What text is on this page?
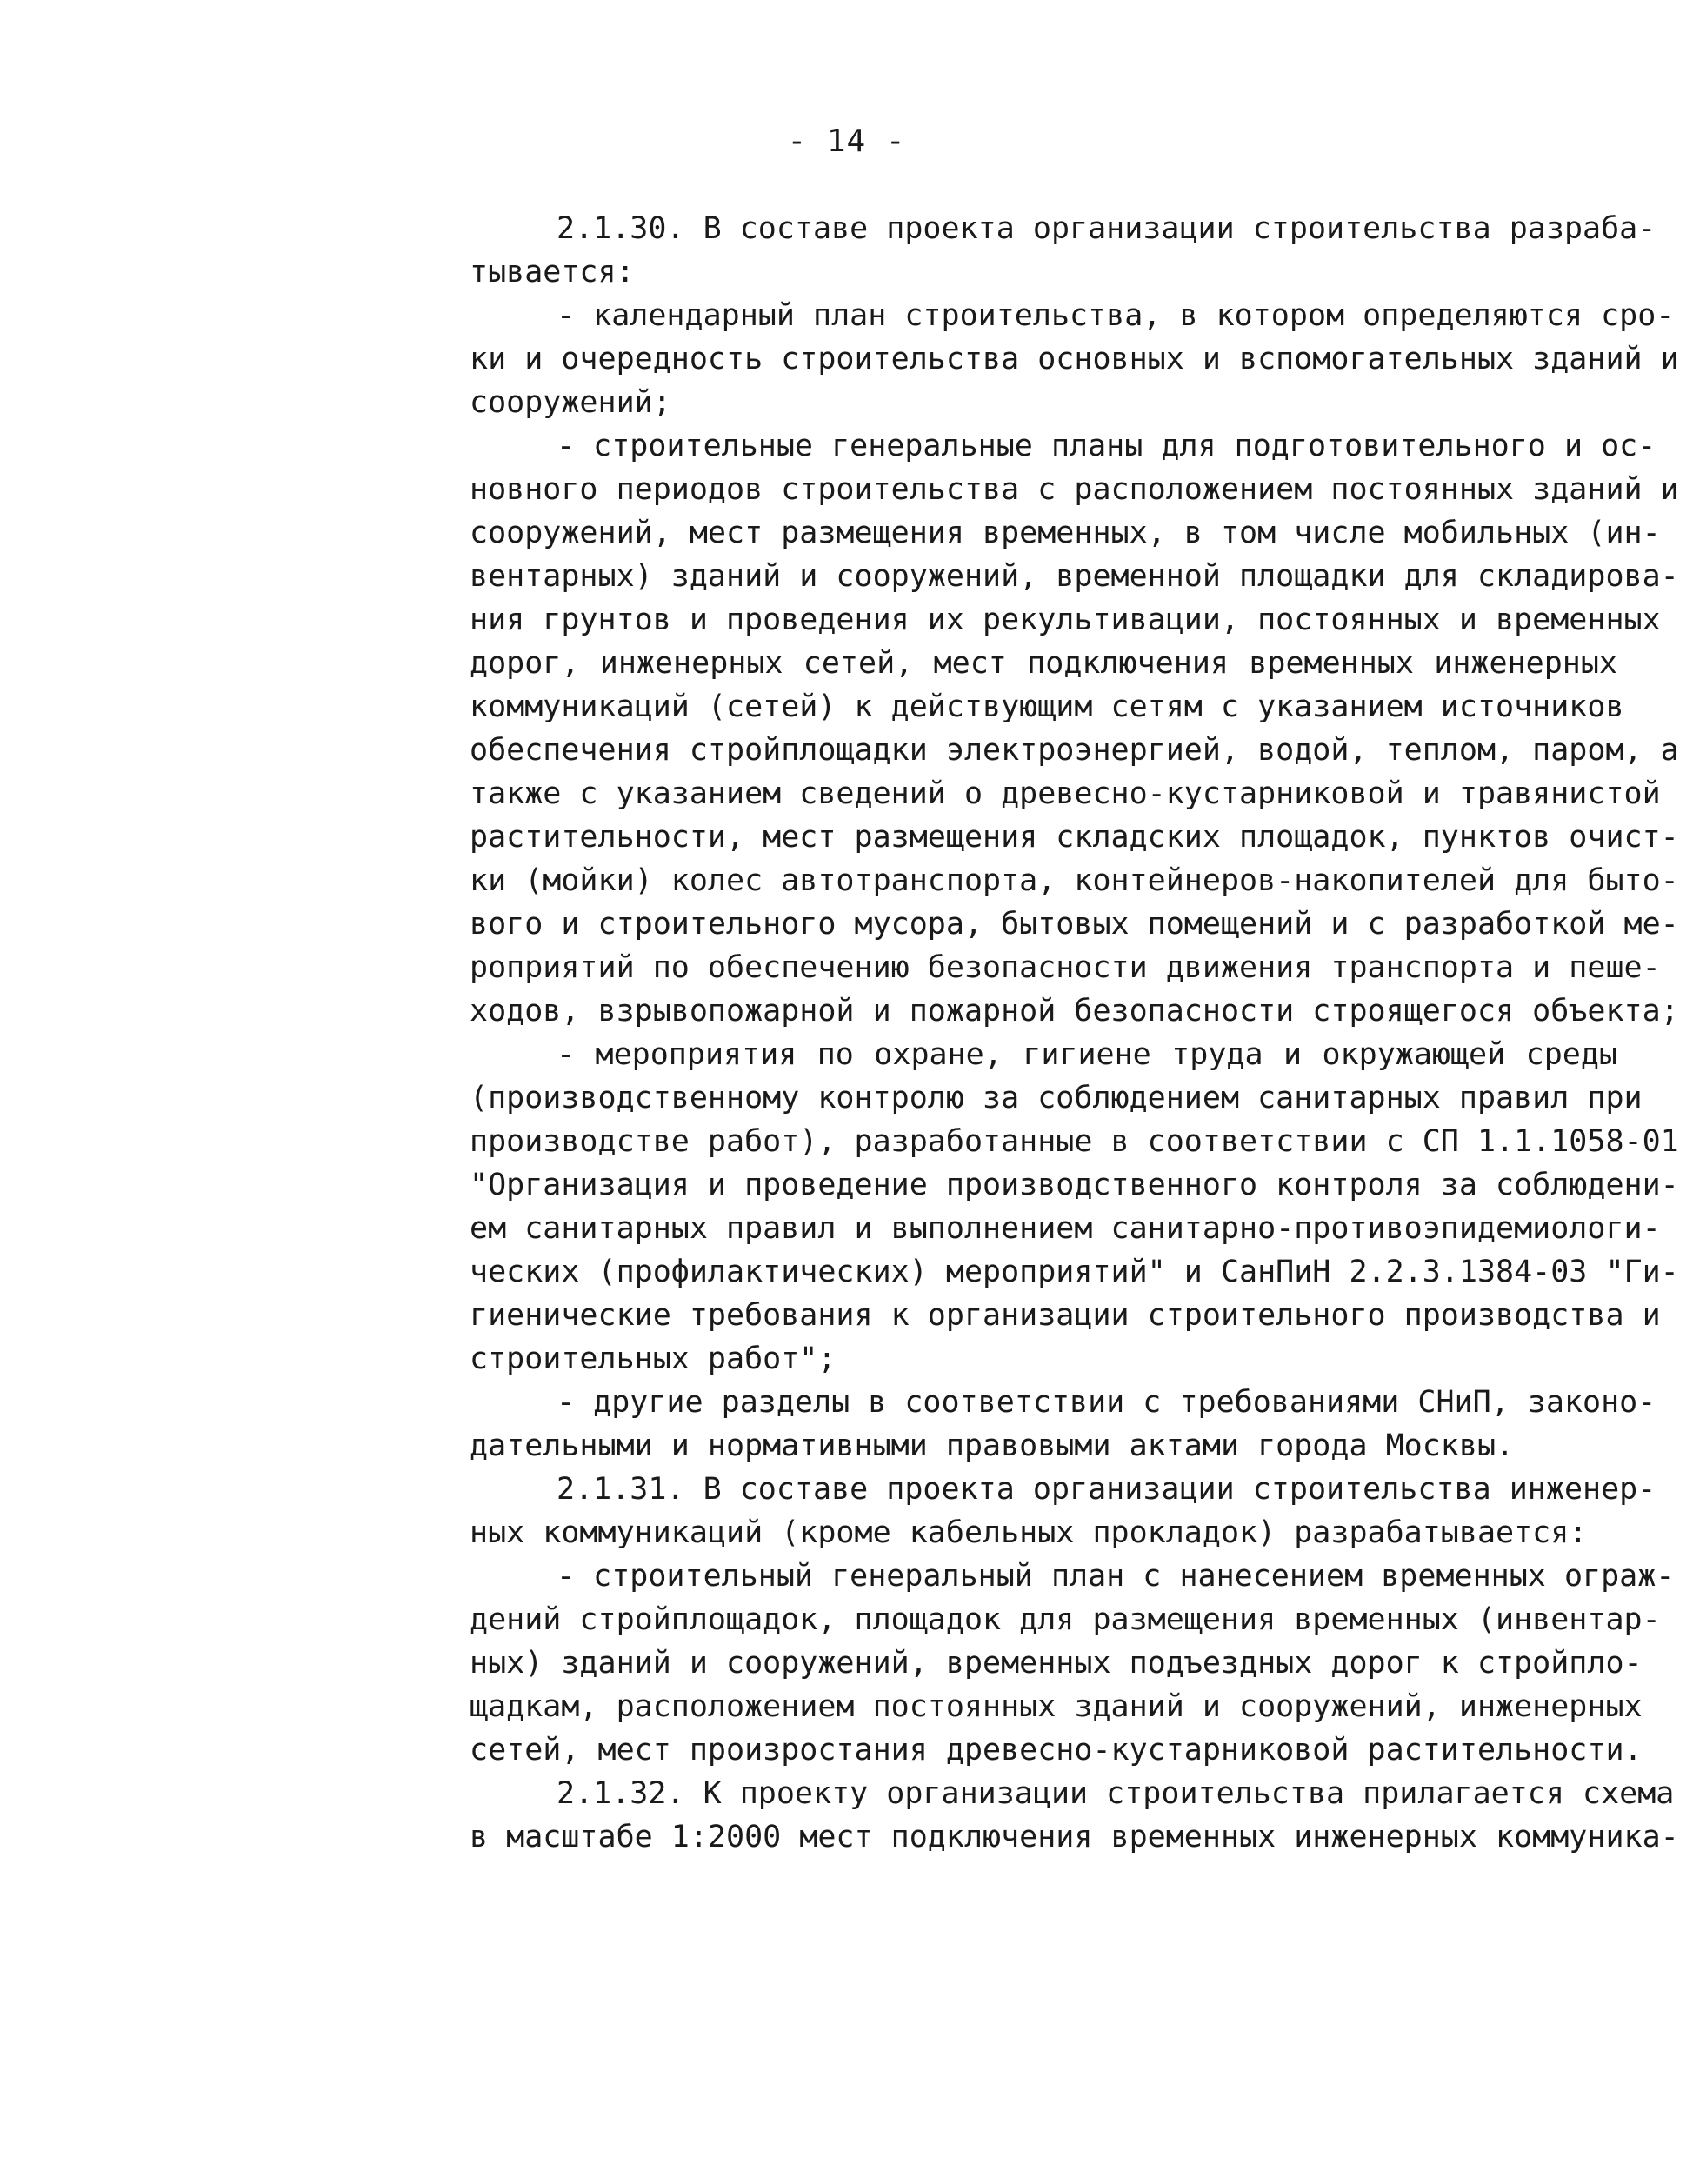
- 14 -
2.1.30. В составе проекта организации строительства разраба-
тывается:
- календарный план строительства, в котором определяются сро-
ки и очередность строительства основных и вспомогательных зданий и
сооружений;
- строительные генеральные планы для подготовительного и ос-
новного периодов строительства с расположением постоянных зданий и
сооружений, мест размещения временных, в том числе мобильных (ин-
вентарных) зданий и сооружений, временной площадки для складирова-
ния грунтов и проведения их рекультивации, постоянных и временных
дорог, инженерных сетей, мест подключения временных инженерных
коммуникаций (сетей) к действующим сетям с указанием источников
обеспечения стройплощадки электроэнергией, водой, теплом, паром, а
также с указанием сведений о древесно-кустарниковой и травянистой
растительности, мест размещения складских площадок, пунктов очист-
ки (мойки) колес автотранспорта, контейнеров-накопителей для быто-
вого и строительного мусора, бытовых помещений и с разработкой ме-
роприятий по обеспечению безопасности движения транспорта и пеше-
ходов, взрывопожарной и пожарной безопасности строящегося объекта;
- мероприятия по охране, гигиене труда и окружающей среды
(производственному контролю за соблюдением санитарных правил при
производстве работ), разработанные в соответствии с СП 1.1.1058-01
"Организация и проведение производственного контроля за соблюдени-
ем санитарных правил и выполнением санитарно-противоэпидемиологи-
ческих (профилактических) мероприятий" и СанПиН 2.2.3.1384-03 "Ги-
гиенические требования к организации строительного производства и
строительных работ";
- другие разделы в соответствии с требованиями СНиП, законо-
дательными и нормативными правовыми актами города Москвы.
2.1.31. В составе проекта организации строительства инженер-
ных коммуникаций (кроме кабельных прокладок) разрабатывается:
- строительный генеральный план с нанесением временных ограж-
дений стройплощадок, площадок для размещения временных (инвентар-
ных) зданий и сооружений, временных подъездных дорог к стройпло-
щадкам, расположением постоянных зданий и сооружений, инженерных
сетей, мест произростания древесно-кустарниковой растительности.
2.1.32. К проекту организации строительства прилагается схема
в масштабе 1:2000 мест подключения временных инженерных коммуника-
